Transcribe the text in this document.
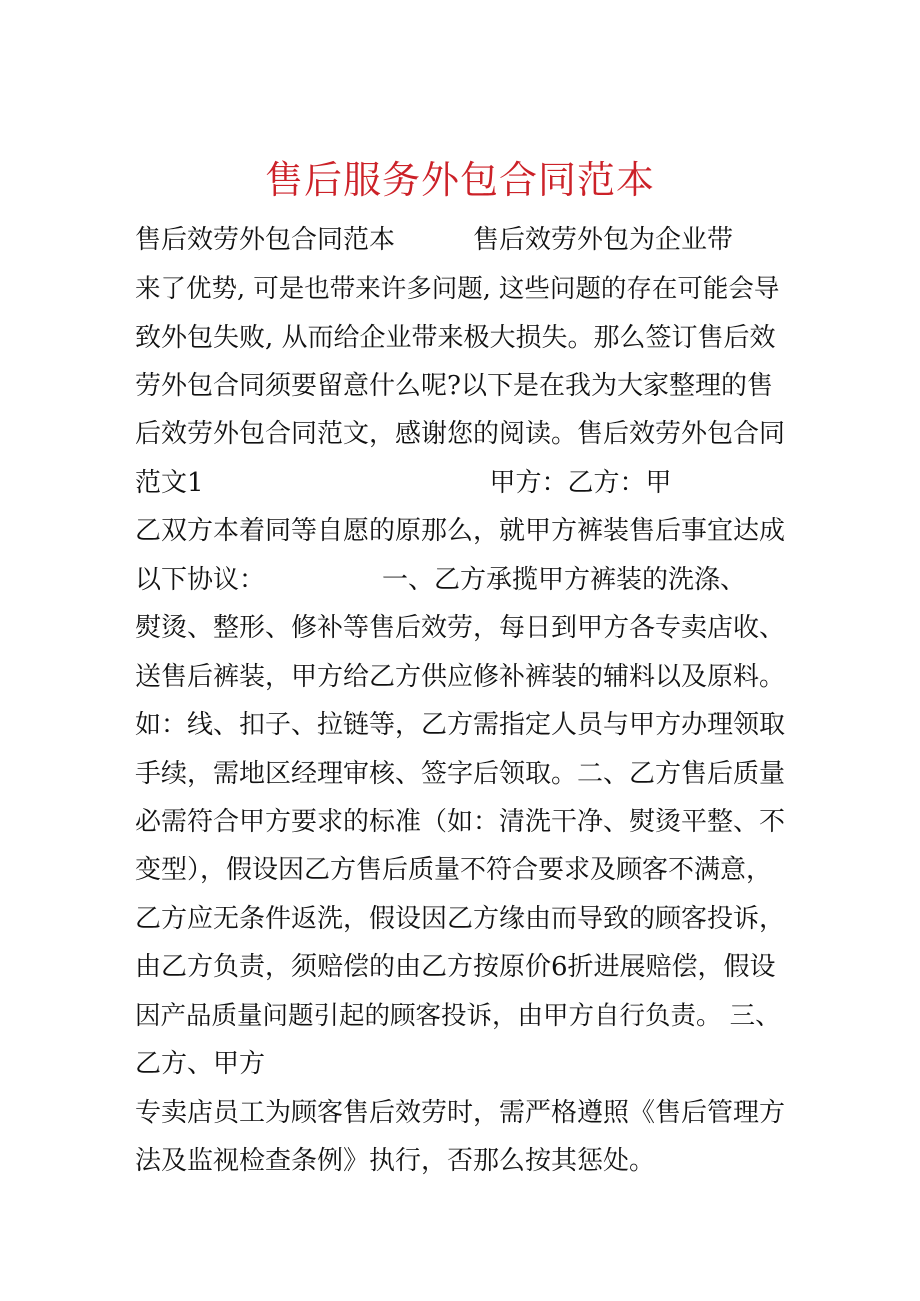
售后服务外包合同范本
售后效劳外包合同范本　　　售后效劳外包为企业带
来了优势, 可是也带来许多问题, 这些问题的存在可能会导
致外包失败, 从而给企业带来极大损失。那么签订售后效
劳外包合同须要留意什么呢?以下是在我为大家整理的售
后效劳外包合同范文，感谢您的阅读。售后效劳外包合同
范文1　　　　　　　　　　　甲方：乙方：甲
乙双方本着同等自愿的原那么，就甲方裤装售后事宜达成
以下协议：　　　　　一、乙方承揽甲方裤装的洗涤、
熨烫、整形、修补等售后效劳，每日到甲方各专卖店收、
送售后裤装，甲方给乙方供应修补裤装的辅料以及原料。
如：线、扣子、拉链等，乙方需指定人员与甲方办理领取
手续，需地区经理审核、签字后领取。二、乙方售后质量
必需符合甲方要求的标准（如：清洗干净、熨烫平整、不
变型），假设因乙方售后质量不符合要求及顾客不满意，
乙方应无条件返洗，假设因乙方缘由而导致的顾客投诉，
由乙方负责，须赔偿的由乙方按原价6折进展赔偿，假设
因产品质量问题引起的顾客投诉，由甲方自行负责。 三、
乙方、甲方
专卖店员工为顾客售后效劳时，需严格遵照《售后管理方
法及监视检查条例》执行，否那么按其惩处。
